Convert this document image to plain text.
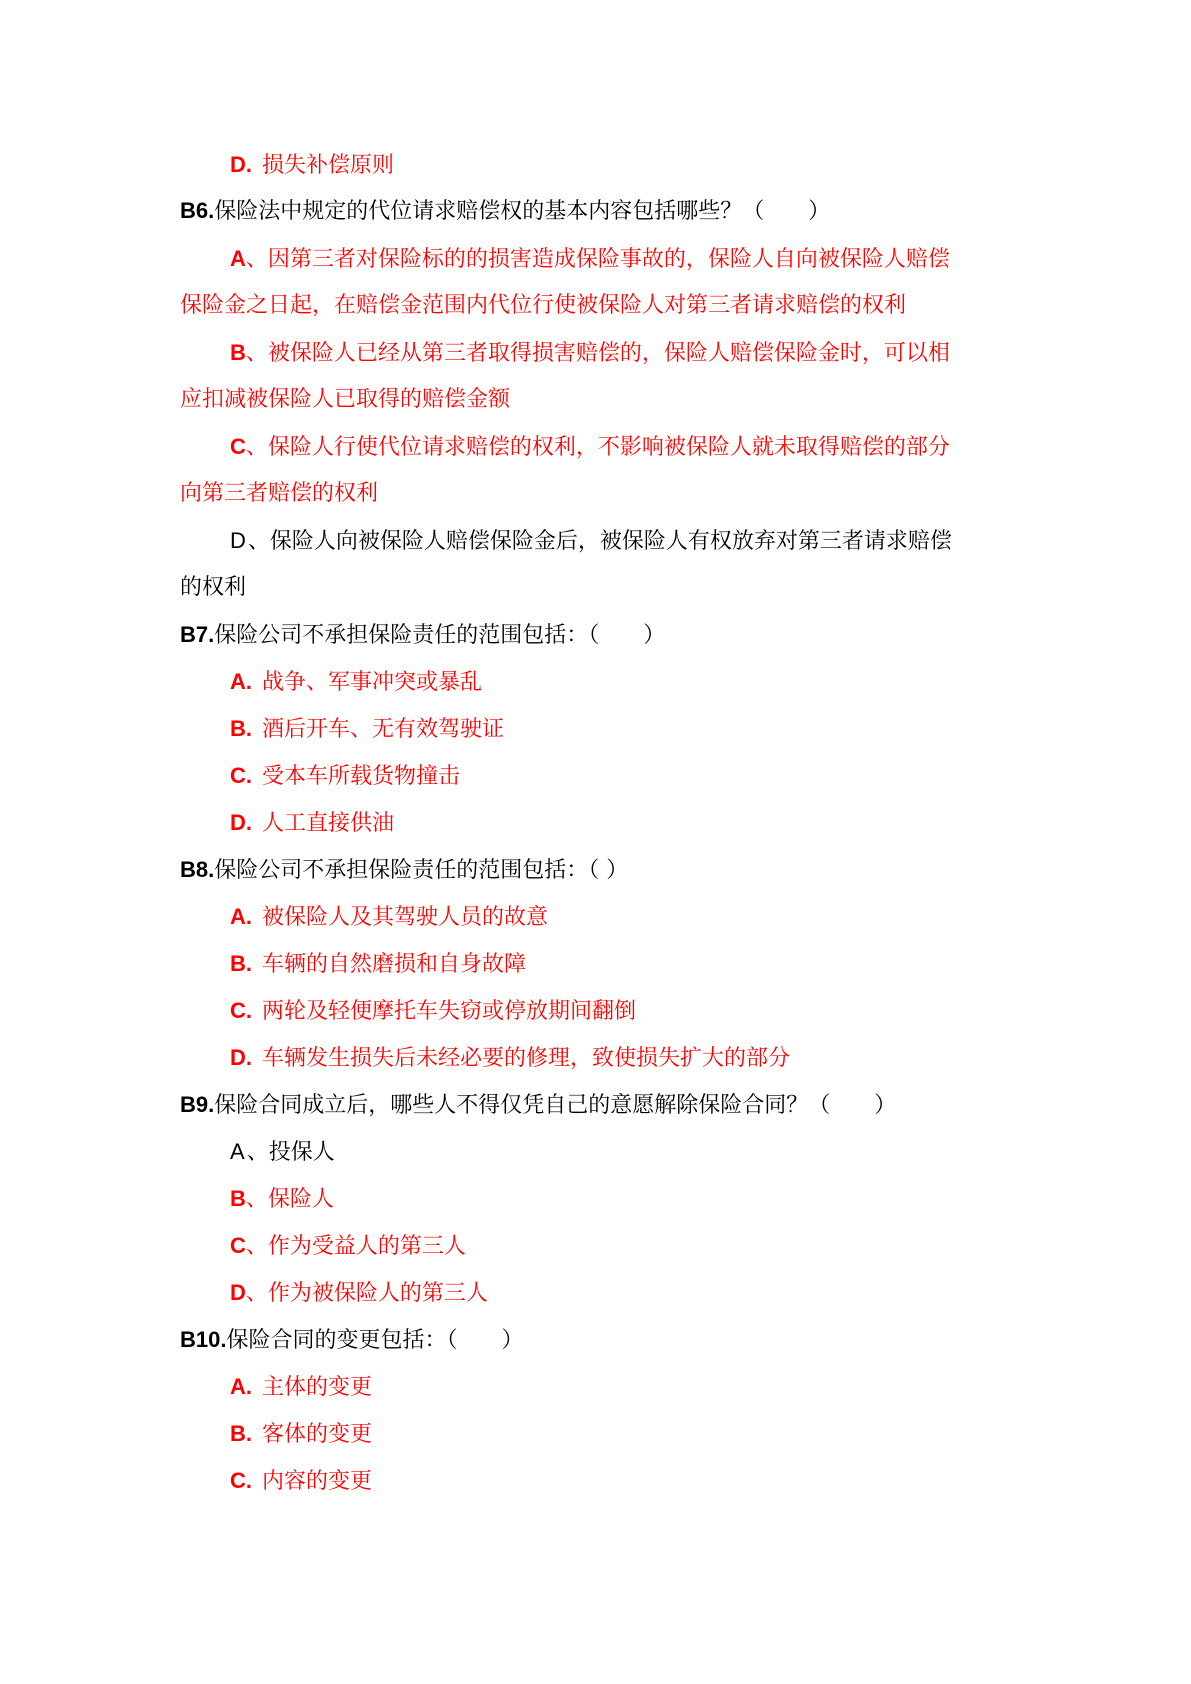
D. 损失补偿原则
B6.保险法中规定的代位请求赔偿权的基本内容包括哪些？（　　）
A、因第三者对保险标的的损害造成保险事故的，保险人自向被保险人赔偿
保险金之日起，在赔偿金范围内代位行使被保险人对第三者请求赔偿的权利
B、被保险人已经从第三者取得损害赔偿的，保险人赔偿保险金时，可以相
应扣减被保险人已取得的赔偿金额
C、保险人行使代位请求赔偿的权利，不影响被保险人就未取得赔偿的部分
向第三者赔偿的权利
D、保险人向被保险人赔偿保险金后，被保险人有权放弃对第三者请求赔偿
的权利
B7.保险公司不承担保险责任的范围包括：（　　）
A. 战争、军事冲突或暴乱
B. 酒后开车、无有效驾驶证
C. 受本车所载货物撞击
D. 人工直接供油
B8.保险公司不承担保险责任的范围包括：（ ）
A. 被保险人及其驾驶人员的故意
B. 车辆的自然磨损和自身故障
C. 两轮及轻便摩托车失窃或停放期间翻倒
D. 车辆发生损失后未经必要的修理，致使损失扩大的部分
B9.保险合同成立后，哪些人不得仅凭自己的意愿解除保险合同？（　　）
A、投保人
B、保险人
C、作为受益人的第三人
D、作为被保险人的第三人
B10.保险合同的变更包括：（　　）
A. 主体的变更
B. 客体的变更
C. 内容的变更
